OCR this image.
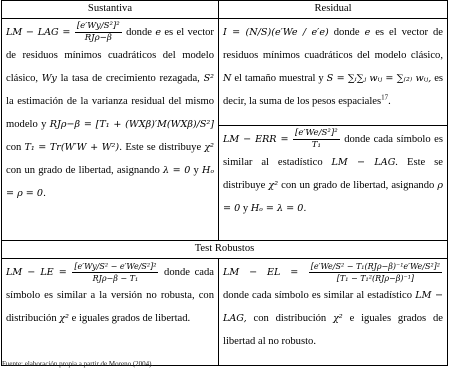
Sustantiva	Residual
LM − LAG = $\frac{\text{[e′Wy/S²]²}}{\text{RJρ−β}}$ donde e es el vector de residuos mínimos cuadráticos del modelo clásico, Wy la tasa de crecimiento rezagada, S² la estimación de la varianza residual del mismo modelo y RJρ−β = [T₁ + (WXβ)′M(WXβ)/S²] con T₁ = Tr(W′W + W²). Este se distribuye χ² con un grado de libertad, asignando λ = 0 y Hₒ = ρ = 0.	I = (N/S)(e′We / e′e) donde e es el vector de residuos mínimos cuadráticos del modelo clásico, N el tamaño muestral y S = ∑ᵢ∑ⱼ wᵢⱼ = ∑₍₂₎ wᵢⱼ, es decir, la suma de los pesos espaciales$^{17}$.
	LM − ERR = $\frac{\text{[e′We/S²]²}}{\text{T₁}}$ donde cada símbolo es similar al estadístico LM − LAG. Este se distribuye χ² con un grado de libertad, asignando ρ = 0 y Hₒ = λ = 0.
Test Robustos	
LM − LE = $\frac{\text{[e′Wy/S² − e′We/S²]²}}{\text{RJρ−β − T₁}}$ donde cada símbolo es similar a la versión no robusta, con distribución χ² e iguales grados de libertad.	LM − EL = $\frac{\text{[e′We/S² − T₁(RJρ−β)⁻¹e′We/S²]²}}{\text{[T₁ − T₁²(RJρ−β)⁻¹]}}$
donde cada símbolo es similar al estadístico LM − LAG, con distribución χ² e iguales grados de libertad al no robusto.
Fuente: elaboración propia a partir de Moreno (2004).
